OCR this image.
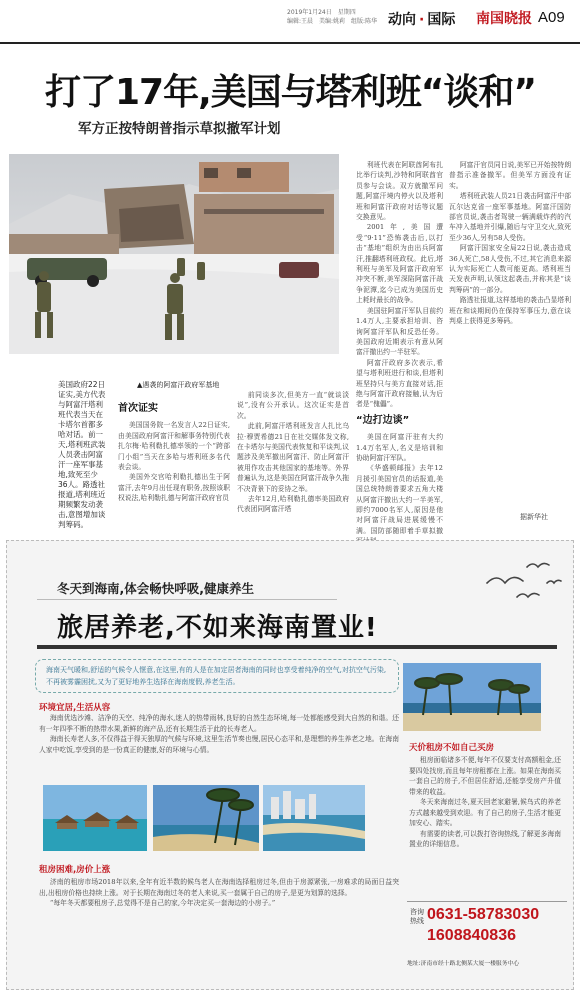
2019年1月24日　星期四
编辑:王晨　美编:姚莉　组版:陈华 动向 · 国际 南国晓报 A09
打了17年,美国与塔利班“谈和”
军方正按特朗普指示草拟撤军计划
美国政府22日证实,美方代表与阿富汗塔利班代表当天在卡塔尔首都多哈对话。前一天,塔利班武装人员袭击阿富汗一座军事基地,致死至少36人。路透社报道,塔利班近期频繁发动袭击,意图增加谈判筹码。
▲遇袭的阿富汗政府军基地
首次证实

美国国务院一名发言人22日证实,由美国政府阿富汗和解事务特别代表扎尔梅·哈利勒扎德率领的一个“跨部门小组”当天在多哈与塔利班多名代表会谈。

美国外交官哈利勒扎德出生于阿富汗,去年9月出任现有职务,按照该职权说法,哈利勒扎德与阿富汗政府官员

前同谈多次,但美方一直“就谈淡说”,没有公开承认。这次证实是首次。

此前,阿富汗塔利班发言人扎比乌拉·穆贾希德21日在社交媒体发文称,在卡塔尔与美国代表恢复和平谈判,议题涉及美军撤出阿富汗、防止阿富汗被用作攻击其他国家的基地等。外界普遍认为,这是美国在阿富汗战争久拖不决背景下的妥协之举。

去年12月,哈利勒扎德率美国政府代表团同阿富汗塔

利班代表在阿联酋阿布扎比举行谈判,沙特和阿联酋官员参与会谈。双方就撤军问题,阿富汗境内停火以及塔利班和阿富汗政府对话等议题交换意见。

2001年,美国遭受“9·11”恐怖袭击后,以打击“基地”组织为由出兵阿富汗,推翻塔利班政权。此后,塔利班与美军及阿富汗政府军冲突不断,美军深陷阿富汗战争泥潭,迄今已成为美国历史上耗时最长的战争。

美国驻阿富汗军队目前约1.4万人,主要承担培训、咨询阿富汗军队和反恐任务。美国政府近期表示有意从阿富汗撤出约一半驻军。

阿富汗政府多次表示,希望与塔利班进行和谈,但塔利班坚持只与美方直接对话,拒绝与阿富汗政府接触,认为后者是“傀儡”。

“边打边谈”

美国在阿富汗驻有大约1.4万名军人,名义是培训和协助阿富汗军队。

《华盛顿邮报》去年12月援引美国官员的话报道,美国总统特朗普要求五角大楼从阿富汗撤出大约一半美军,即约7000名军人,原因是他对阿富汗战局进展缓慢不满。国防部随即着手草拟撤

阿富汗官员同日说,美军已开始按特朗普指示准备撤军。但美军方面没有证实。

塔利班武装人员21日袭击阿富汗中部瓦尔达克省一座军事基地。阿富汗国防部官员说,袭击者驾驶一辆满载炸药的汽车冲入基地并引爆,随后与守卫交火,致死至少36人,另有58人受伤。

阿富汗国家安全局22日说,袭击造成36人死亡,58人受伤,不过,其它消息来源认为实际死亡人数可能更高。塔利班当天发表声明,认领这起袭击,并称其是“谈判筹码”的一部分。

路透社报道,这样基地的袭击凸显塔利班在和谈期间仍在保持军事压力,意在谈判桌上获得更多筹码。

据新华社
冬天到海南,体会畅快呼吸,健康养生
旅居养老,不如来海南置业!
海南天气暖和,舒适的气候令人惬意,在这里,有的人是在加定居者海南的同时也享受着纯净的空气,对抗空气污染,不再被雾霾困扰,又为了更好地养生选择在海南度假,养老生活。
环境宜居,生活从容

海南优选沙滩、洁净的天空、纯净的海水,迷人的热带雨林,良好的自然生态环境,每一处都能感受到大自然的和谐。还有一年四季不断的热带水果,新鲜的海产品,还有长期生活于此的长寿老人。

海南长寿老人多,不仅得益于得天独厚的气候与环境,这里生活节奏也慢,居民心态平和,是理想的养生养老之地。在海南人家中吃饭,享受到的是一份真正的健康,好的环境与心情。

租房困难,房价上涨

济南的租房市场2018年以来,全年有近半数的候鸟老人在海南选择租房过冬,但由于房源紧张,一房难求的局面日益突出,出租房价格也持续上涨。对于长期在海南过冬的老人来说,买一套属于自己的房子,是更为划算的选择。

“每年冬天都要租房子,总觉得不是自己的家,今年决定买一套海边的小房子。”

天价租房不如自己买房

租房面临诸多不便,每年不仅要支付高额租金,还要四处找房,而且每年房租都在上涨。如果在海南买一套自己的房子,不但居住舒适,还能享受房产升值带来的收益。

冬天来海南过冬,夏天回老家避暑,候鸟式的养老方式越来越受到欢迎。有了自己的房子,生活才能更加安心、踏实。

有需要的读者,可以拨打咨询热线,了解更多海南置业的详细信息。

咨询热线 0631-58783030
1608840836
地址:济南市经十路北侧某大厦一楼服务中心
